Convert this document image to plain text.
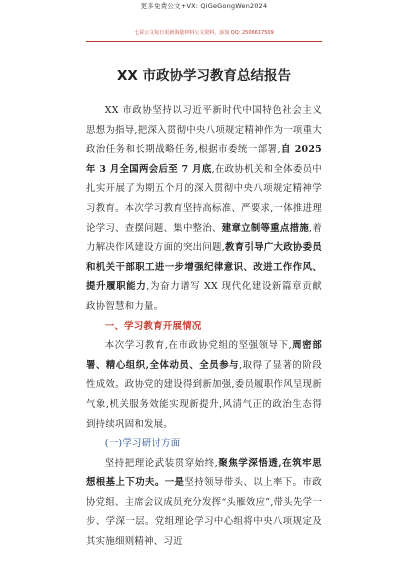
更多免费公文+VX: QiGeGongWen2024
七哥公文每日更新海量材料公文资料，添加 QQ: 2506617509
XX 市政协学习教育总结报告

XX 市政协坚持以习近平新时代中国特色社会主义思想为指导,把深入贯彻中央八项规定精神作为一项重大政治任务和长期战略任务,根据市委统一部署,自 2025 年 3 月全国两会后至 7 月底,在政协机关和全体委员中扎实开展了为期五个月的深入贯彻中央八项规定精神学习教育。本次学习教育坚持高标准、严要求,一体推进理论学习、查摆问题、集中整治、建章立制等重点措施,着力解决作风建设方面的突出问题,教育引导广大政协委员和机关干部职工进一步增强纪律意识、改进工作作风、提升履职能力,为奋力谱写 XX 现代化建设新篇章贡献政协智慧和力量。

一、学习教育开展情况

本次学习教育,在市政协党组的坚强领导下,周密部署、精心组织,全体动员、全员参与,取得了显著的阶段性成效。政协党的建设得到新加强,委员履职作风呈现新气象,机关服务效能实现新提升,风清气正的政治生态得到持续巩固和发展。

(一)学习研讨方面

坚持把理论武装贯穿始终,聚焦学深悟透,在筑牢思想根基上下功夫。一是坚持领导带头、以上率下。市政协党组、主席会议成员充分发挥“头雁效应”,带头先学一步、学深一层。党组理论学习中心组将中央八项规定及其实施细则精神、习近
